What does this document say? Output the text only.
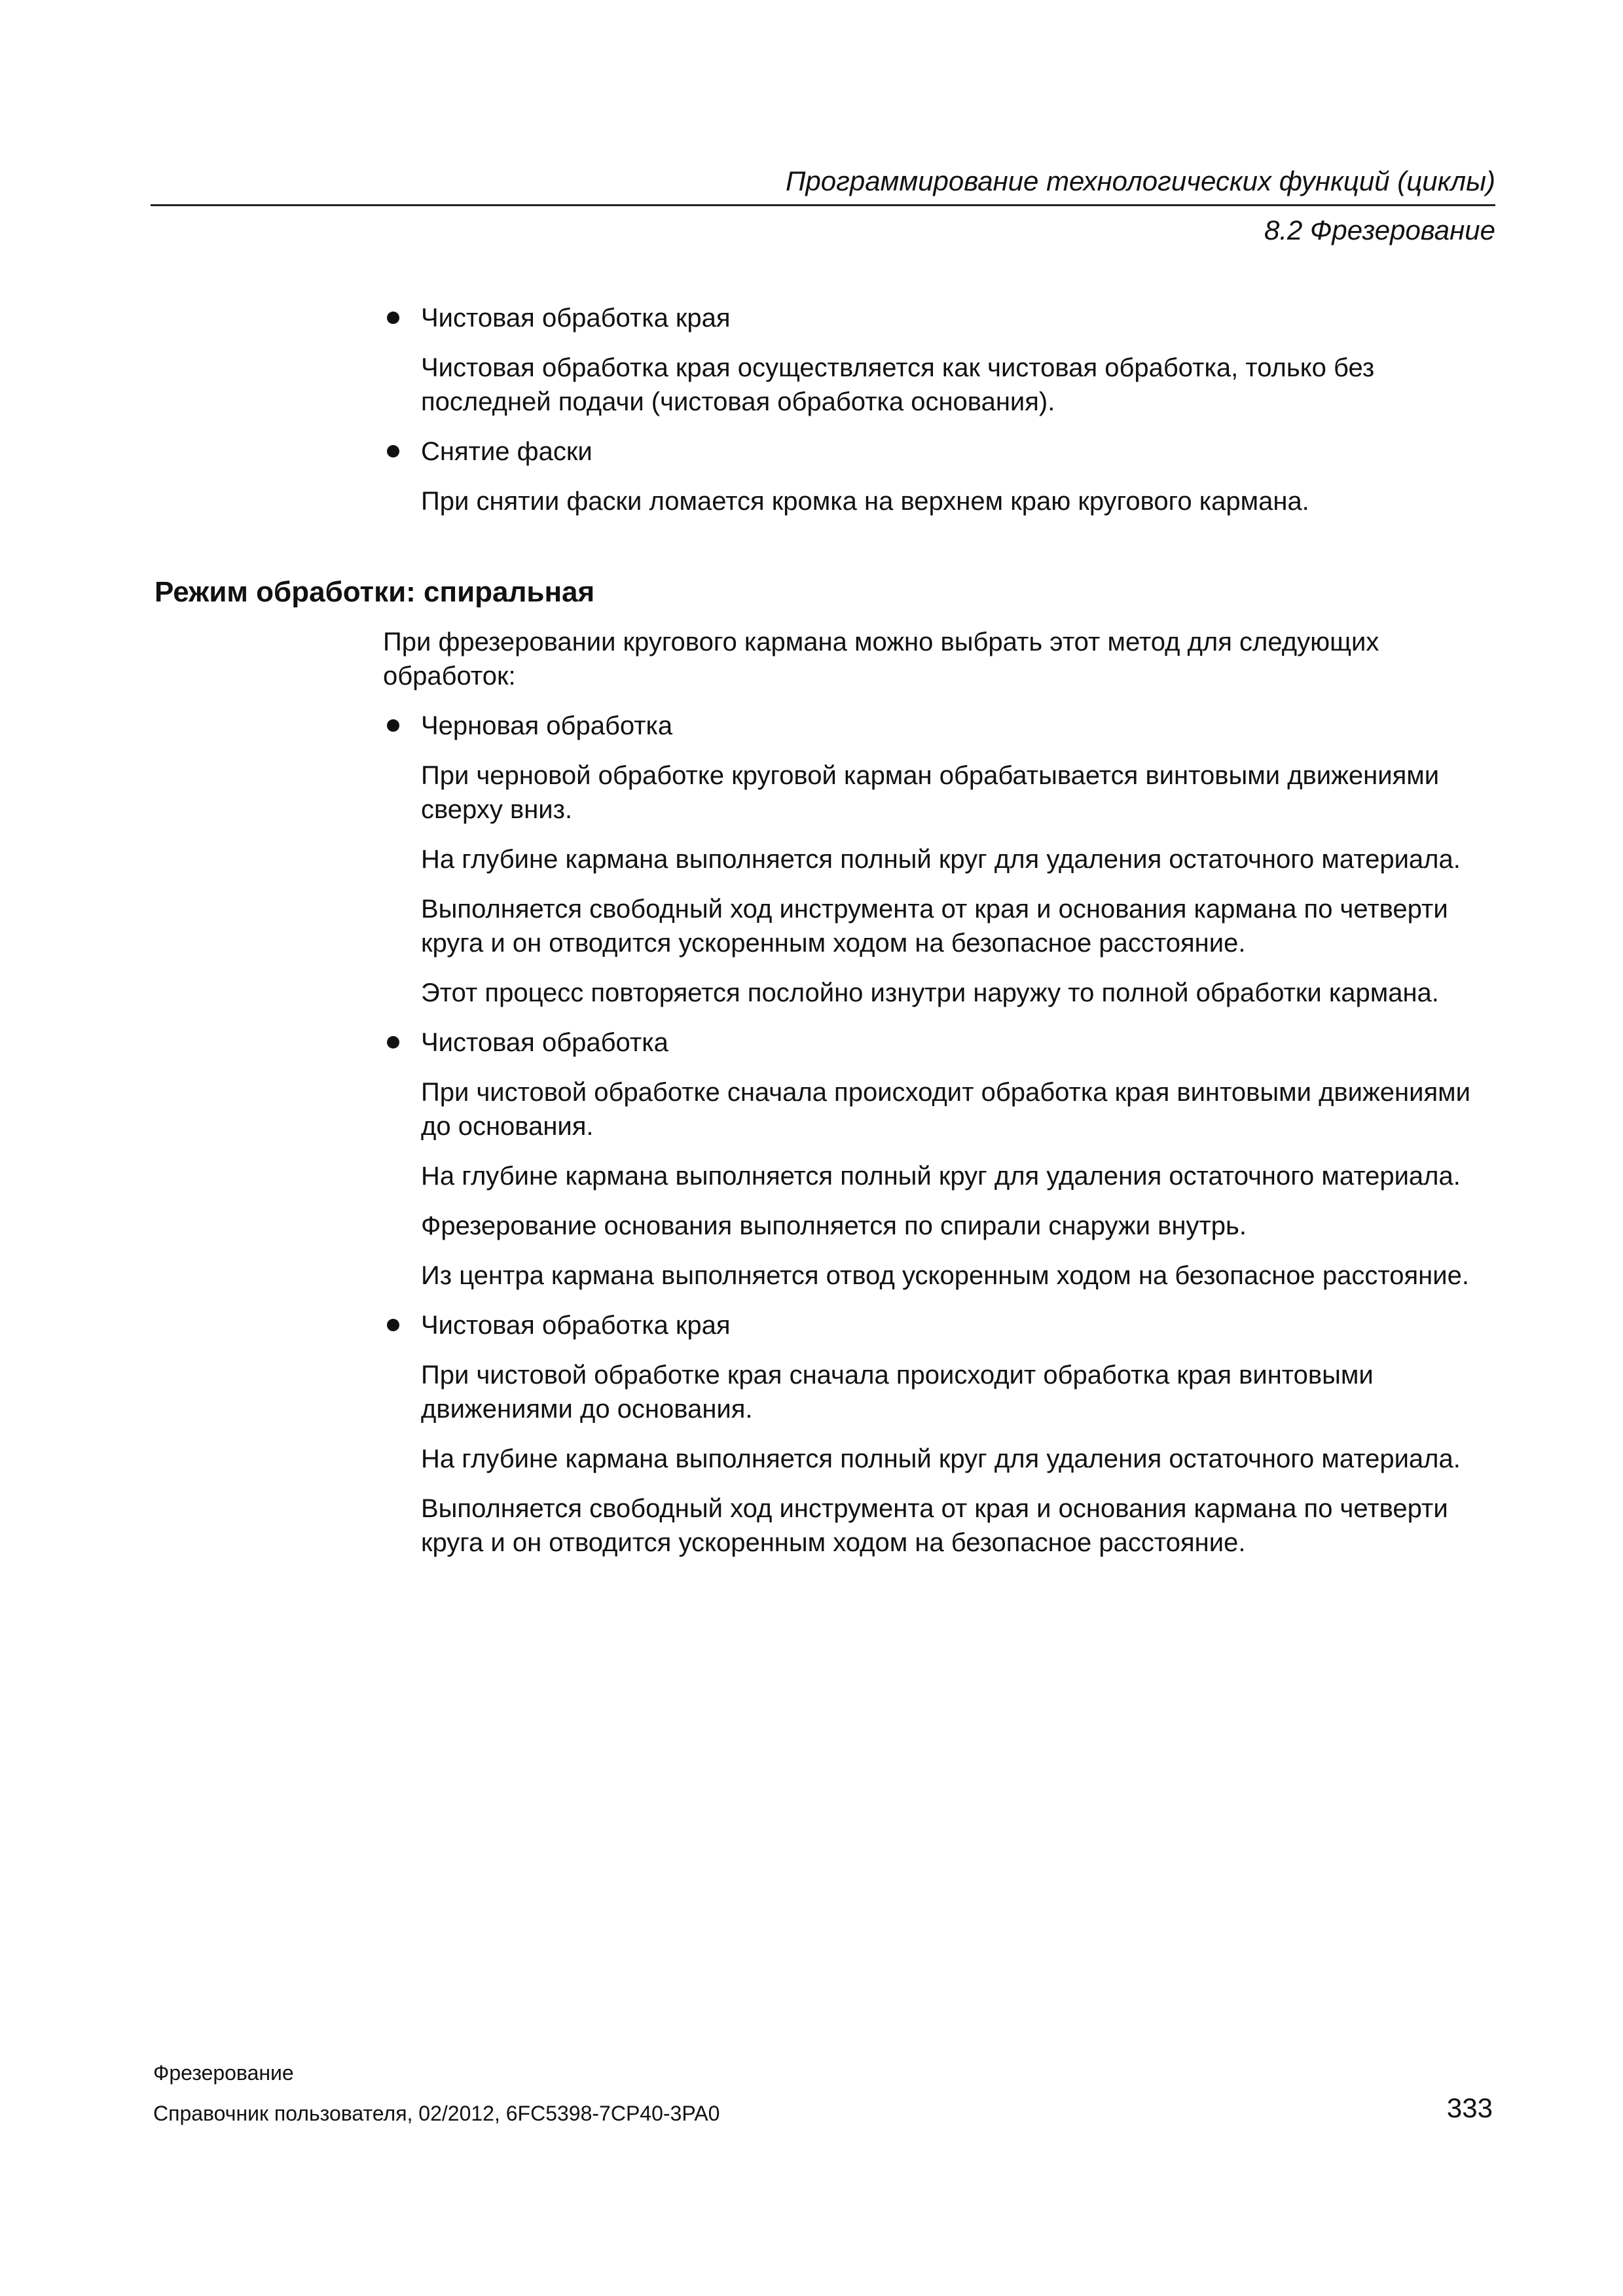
Программирование технологических функций (циклы)
8.2 Фрезерование
Чистовая обработка края
Чистовая обработка края осуществляется как чистовая обработка, только без последней подачи (чистовая обработка основания).
Снятие фаски
При снятии фаски ломается кромка на верхнем краю кругового кармана.
Режим обработки: спиральная
При фрезеровании кругового кармана можно выбрать этот метод для следующих обработок:
Черновая обработка
При черновой обработке круговой карман обрабатывается винтовыми движениями сверху вниз.
На глубине кармана выполняется полный круг для удаления остаточного материала.
Выполняется свободный ход инструмента от края и основания кармана по четверти круга и он отводится ускоренным ходом на безопасное расстояние.
Этот процесс повторяется послойно изнутри наружу то полной обработки кармана.
Чистовая обработка
При чистовой обработке сначала происходит обработка края винтовыми движениями до основания.
На глубине кармана выполняется полный круг для удаления остаточного материала.
Фрезерование основания выполняется по спирали снаружи внутрь.
Из центра кармана выполняется отвод ускоренным ходом на безопасное расстояние.
Чистовая обработка края
При чистовой обработке края сначала происходит обработка края винтовыми движениями до основания.
На глубине кармана выполняется полный круг для удаления остаточного материала.
Выполняется свободный ход инструмента от края и основания кармана по четверти круга и он отводится ускоренным ходом на безопасное расстояние.
Фрезерование
Справочник пользователя, 02/2012, 6FC5398-7CP40-3PA0	333
